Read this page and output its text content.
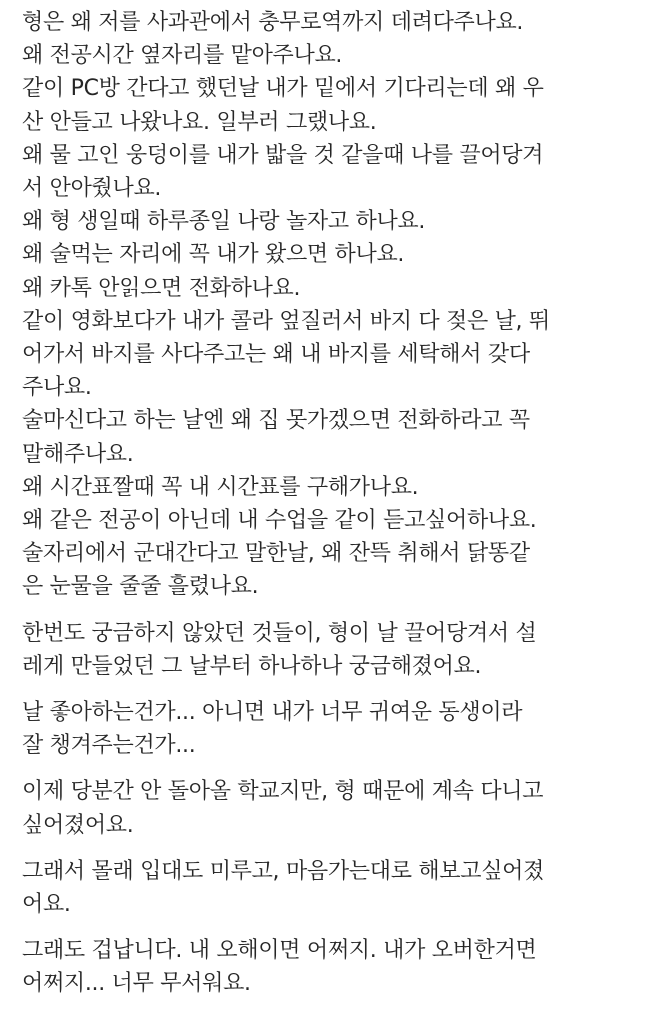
형은 왜 저를 사과관에서 충무로역까지 데려다주나요.
왜 전공시간 옆자리를 맡아주나요.
같이 PC방 간다고 했던날 내가 밑에서 기다리는데 왜 우
산 안들고 나왔나요. 일부러 그랬나요.
왜 물 고인 웅덩이를 내가 밟을 것 같을때 나를 끌어당겨
서 안아줬나요.
왜 형 생일때 하루종일 나랑 놀자고 하나요.
왜 술먹는 자리에 꼭 내가 왔으면 하나요.
왜 카톡 안읽으면 전화하나요.
같이 영화보다가 내가 콜라 엎질러서 바지 다 젖은 날, 뛰
어가서 바지를 사다주고는 왜 내 바지를 세탁해서 갖다
주나요.
술마신다고 하는 날엔 왜 집 못가겠으면 전화하라고 꼭
말해주나요.
왜 시간표짤때 꼭 내 시간표를 구해가나요.
왜 같은 전공이 아닌데 내 수업을 같이 듣고싶어하나요.
술자리에서 군대간다고 말한날, 왜 잔뜩 취해서 닭똥같
은 눈물을 줄줄 흘렸나요.

한번도 궁금하지 않았던 것들이, 형이 날 끌어당겨서 설
레게 만들었던 그 날부터 하나하나 궁금해졌어요.

날 좋아하는건가... 아니면 내가 너무 귀여운 동생이라
잘 챙겨주는건가...

이제 당분간 안 돌아올 학교지만, 형 때문에 계속 다니고
싶어졌어요.

그래서 몰래 입대도 미루고, 마음가는대로 해보고싶어졌
어요.

그래도 겁납니다. 내 오해이면 어쩌지. 내가 오버한거면
어쩌지... 너무 무서워요.
